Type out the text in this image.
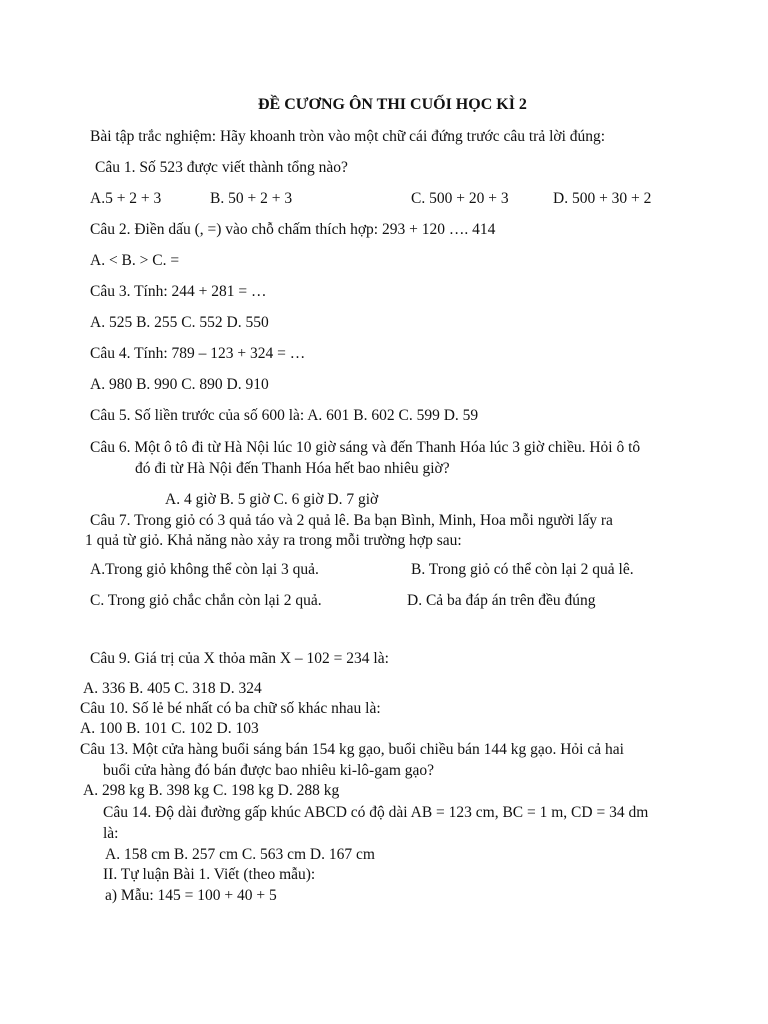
ĐỀ CƯƠNG ÔN THI CUỐI HỌC KÌ 2
Bài tập trắc nghiệm: Hãy khoanh tròn vào một chữ cái đứng trước câu trả lời đúng:
Câu 1. Số 523 được viết thành tổng nào?
A.5 + 2 + 3	B. 50 + 2 + 3	C. 500 + 20 + 3	D. 500 + 30 + 2
Câu 2. Điền dấu (, =) vào chỗ chấm thích hợp: 293 + 120 …. 414
A. < B. > C. =
Câu 3. Tính: 244 + 281 = …
A. 525 B. 255 C. 552 D. 550
Câu 4. Tính: 789 – 123 + 324 = …
A. 980 B. 990 C. 890 D. 910
Câu 5. Số liền trước của số 600 là: A. 601 B. 602 C. 599 D. 59
Câu 6. Một ô tô đi từ Hà Nội lúc 10 giờ sáng và đến Thanh Hóa lúc 3 giờ chiều. Hỏi ô tô
đó đi từ Hà Nội đến Thanh Hóa hết bao nhiêu giờ?
A. 4 giờ B. 5 giờ C. 6 giờ D. 7 giờ
Câu 7. Trong giỏ có 3 quả táo và 2 quả lê. Ba bạn Bình, Minh, Hoa mỗi người lấy ra
1 quả từ giỏ. Khả năng nào xảy ra trong mỗi trường hợp sau:
A.Trong giỏ không thể còn lại 3 quả.	B. Trong giỏ có thể còn lại 2 quả lê.
C. Trong giỏ chắc chắn còn lại 2 quả.	D. Cả ba đáp án trên đều đúng
Câu 9. Giá trị của X thỏa mãn X – 102 = 234 là:
A. 336 B. 405 C. 318 D. 324
Câu 10. Số lẻ bé nhất có ba chữ số khác nhau là:
A. 100 B. 101 C. 102 D. 103
Câu 13. Một cửa hàng buổi sáng bán 154 kg gạo, buổi chiều bán 144 kg gạo. Hỏi cả hai
buổi cửa hàng đó bán được bao nhiêu ki-lô-gam gạo?
A. 298 kg B. 398 kg C. 198 kg D. 288 kg
Câu 14. Độ dài đường gấp khúc ABCD có độ dài AB = 123 cm, BC = 1 m, CD = 34 dm
là:
A. 158 cm B. 257 cm C. 563 cm D. 167 cm
II. Tự luận Bài 1. Viết (theo mẫu):
a) Mẫu: 145 = 100 + 40 + 5
